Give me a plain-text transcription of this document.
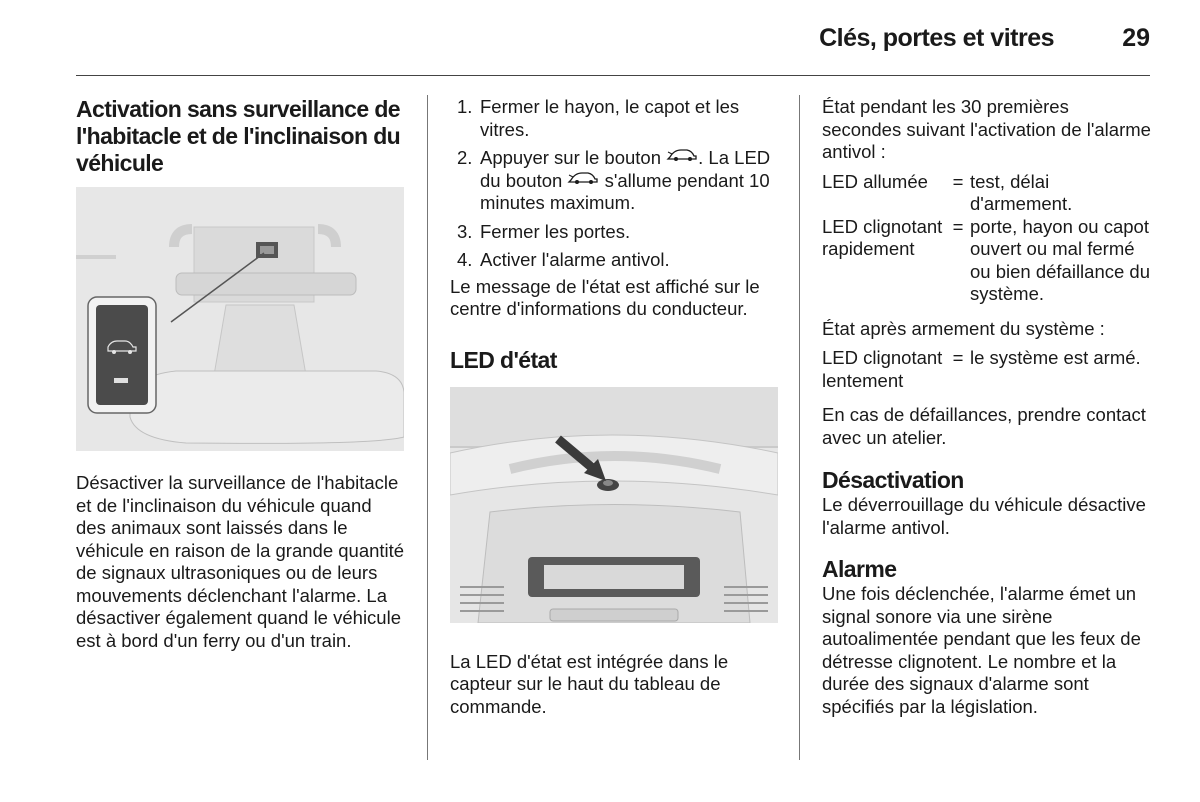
Clés, portes et vitres	29
Activation sans surveillance de l'habitacle et de l'inclinaison du véhicule

Désactiver la surveillance de l'habitacle et de l'inclinaison du véhicule quand des animaux sont laissés dans le véhicule en raison de la grande quantité de signaux ultrasoniques ou de leurs mouvements déclenchant l'alarme. La désactiver également quand le véhicule est à bord d'un ferry ou d'un train.

1. Fermer le hayon, le capot et les vitres.
2. Appuyer sur le bouton . La LED du bouton  s'allume pendant 10 minutes maximum.
3. Fermer les portes.
4. Activer l'alarme antivol.

Le message de l'état est affiché sur le centre d'informations du conducteur.

LED d'état

La LED d'état est intégrée dans le capteur sur le haut du tableau de commande.

État pendant les 30 premières secondes suivant l'activation de l'alarme antivol :

LED allumée	= test, délai d'armement.
LED clignotant rapidement
= porte, hayon ou capot ouvert ou mal fermé ou bien défaillance du système.

État après armement du système :

LED clignotant lentement
= le système est armé.

En cas de défaillances, prendre contact avec un atelier.

Désactivation

Le déverrouillage du véhicule désactive l'alarme antivol.

Alarme

Une fois déclenchée, l'alarme émet un signal sonore via une sirène autoalimentée pendant que les feux de détresse clignotent. Le nombre et la durée des signaux d'alarme sont spécifiés par la législation.
